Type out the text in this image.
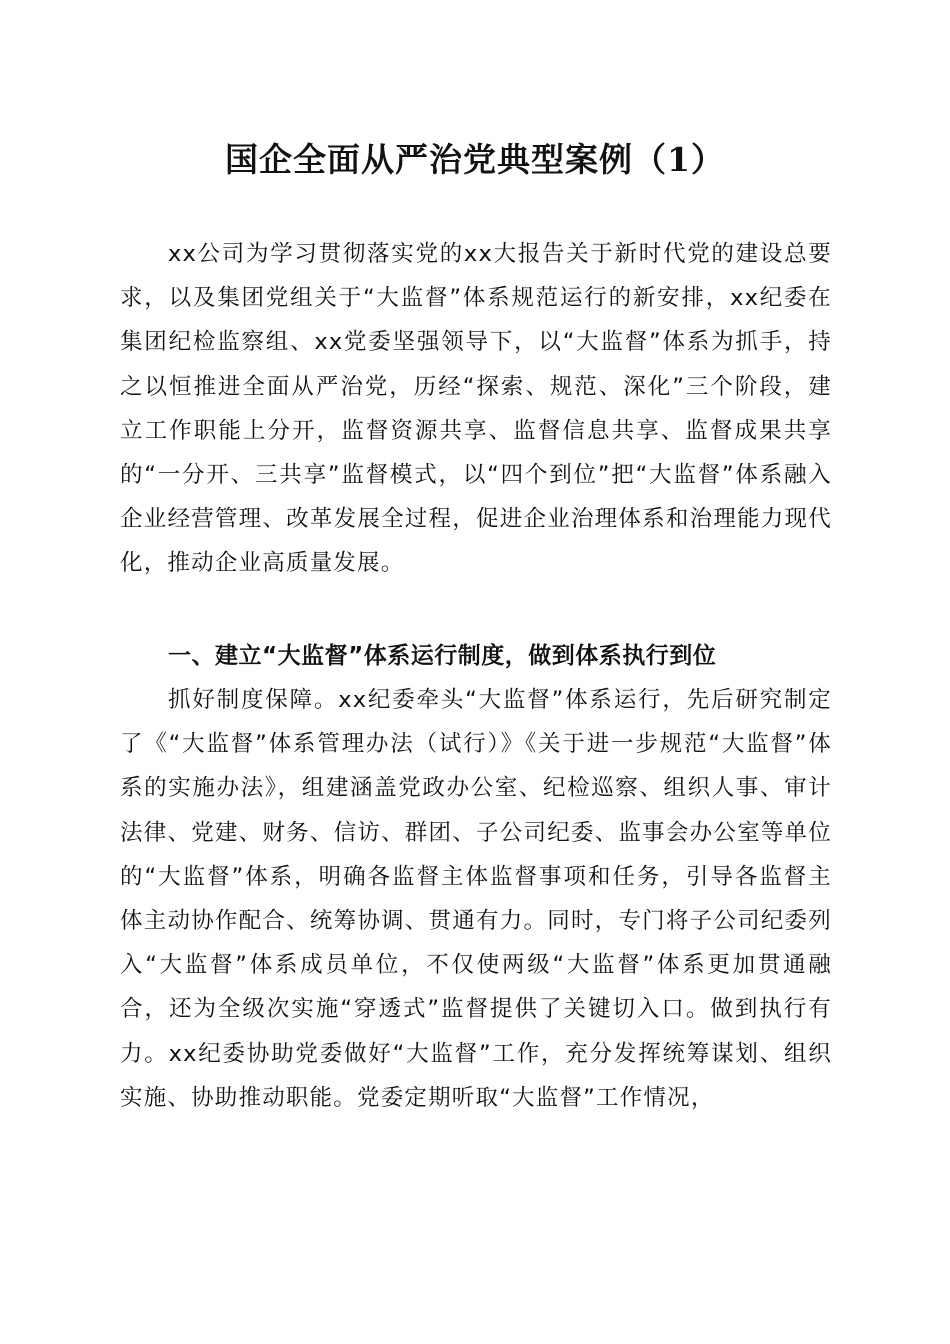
国企全面从严治党典型案例（1）

xx公司为学习贯彻落实党的xx大报告关于新时代党的建设总要求，以及集团党组关于“大监督”体系规范运行的新安排，xx纪委在集团纪检监察组、xx党委坚强领导下，以“大监督”体系为抓手，持之以恒推进全面从严治党，历经“探索、规范、深化”三个阶段，建立工作职能上分开，监督资源共享、监督信息共享、监督成果共享的“一分开、三共享”监督模式，以“四个到位”把“大监督”体系融入企业经营管理、改革发展全过程，促进企业治理体系和治理能力现代化，推动企业高质量发展。

一、建立“大监督”体系运行制度，做到体系执行到位

抓好制度保障。xx纪委牵头“大监督”体系运行，先后研究制定了《“大监督”体系管理办法（试行）》《关于进一步规范“大监督”体系的实施办法》，组建涵盖党政办公室、纪检巡察、组织人事、审计法律、党建、财务、信访、群团、子公司纪委、监事会办公室等单位的“大监督”体系，明确各监督主体监督事项和任务，引导各监督主体主动协作配合、统筹协调、贯通有力。同时，专门将子公司纪委列入“大监督”体系成员单位，不仅使两级“大监督”体系更加贯通融合，还为全级次实施“穿透式”监督提供了关键切入口。做到执行有力。xx纪委协助党委做好“大监督”工作，充分发挥统筹谋划、组织实施、协助推动职能。党委定期听取“大监督”工作情况，
